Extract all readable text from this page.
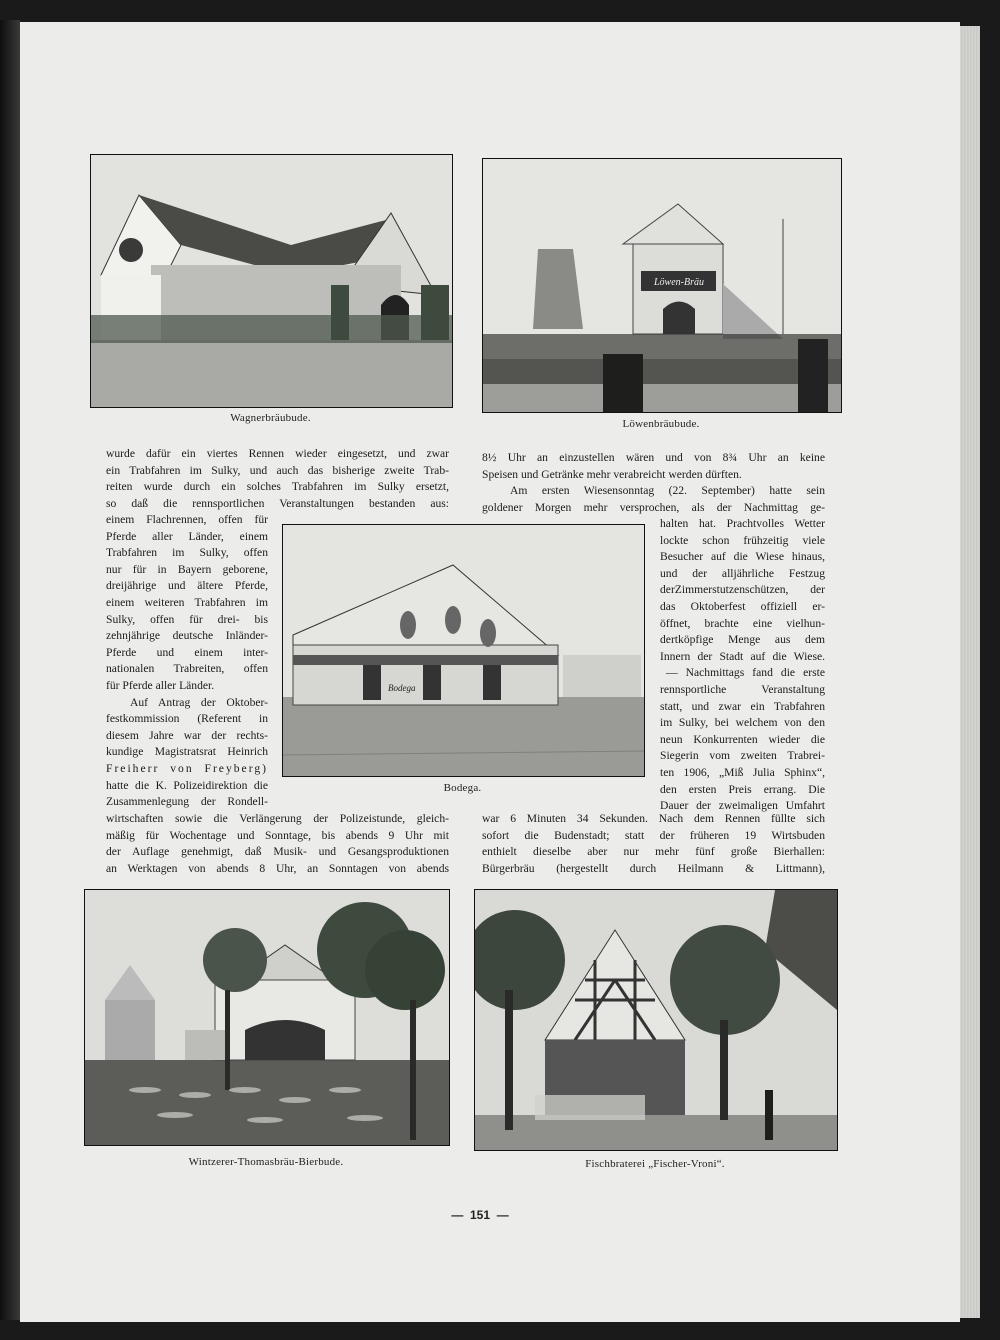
Wagnerbräubude.
Löwen-Bräu
Löwenbräubude.
wurde dafür ein viertes Rennen wieder eingesetzt, und zwar
ein Trabfahren im Sulky, und auch das bisherige zweite Trab-
reiten wurde durch ein solches Trabfahren im Sulky ersetzt,
so daß die rennsportlichen Veranstaltungen bestanden aus:
einem Flachrennen, offen für
Pferde aller Länder, einem
Trabfahren im Sulky, offen
nur für in Bayern geborene,
dreijährige und ältere Pferde,
einem weiteren Trabfahren im
Sulky, offen für drei- bis
zehnjährige deutsche Inländer-
Pferde und einem inter-
nationalen Trabreiten, offen
für Pferde aller Länder.
Auf Antrag der Oktober-
festkommission (Referent in
diesem Jahre war der rechts-
kundige Magistratsrat Heinrich
Freiherr von Freyberg)
hatte die K. Polizeidirektion die
Zusammenlegung der Rondell-
Bodega
Bodega.
wirtschaften sowie die Verlängerung der Polizeistunde, gleich-
mäßig für Wochentage und Sonntage, bis abends 9 Uhr mit
der Auflage genehmigt, daß Musik- und Gesangsproduktionen
an Werktagen von abends 8 Uhr, an Sonntagen von abends
8½ Uhr an einzustellen wären und von 8¾ Uhr an keine
Speisen und Getränke mehr verabreicht werden dürften.
Am ersten Wiesensonntag (22. September) hatte sein
goldener Morgen mehr versprochen, als der Nachmittag ge-
halten hat. Prachtvolles Wetter
lockte schon frühzeitig viele
Besucher auf die Wiese hinaus,
und der alljährliche Festzug
derZimmerstutzenschützen, der
das Oktoberfest offiziell er-
öffnet, brachte eine vielhun-
dertköpfige Menge aus dem
Innern der Stadt auf die Wiese.
— Nachmittags fand die erste
rennsportliche Veranstaltung
statt, und zwar ein Trabfahren
im Sulky, bei welchem von den
neun Konkurrenten wieder die
Siegerin vom zweiten Trabrei-
ten 1906, „Miß Julia Sphinx“,
den ersten Preis errang. Die
Dauer der zweimaligen Umfahrt
war 6 Minuten 34 Sekunden. Nach dem Rennen füllte sich
sofort die Budenstadt; statt der früheren 19 Wirtsbuden
enthielt dieselbe aber nur mehr fünf große Bierhallen:
Bürgerbräu (hergestellt durch Heilmann & Littmann),
Wintzerer-Thomasbräu-Bierbude.	Fischbraterei „Fischer-Vroni“.
— 151 —
